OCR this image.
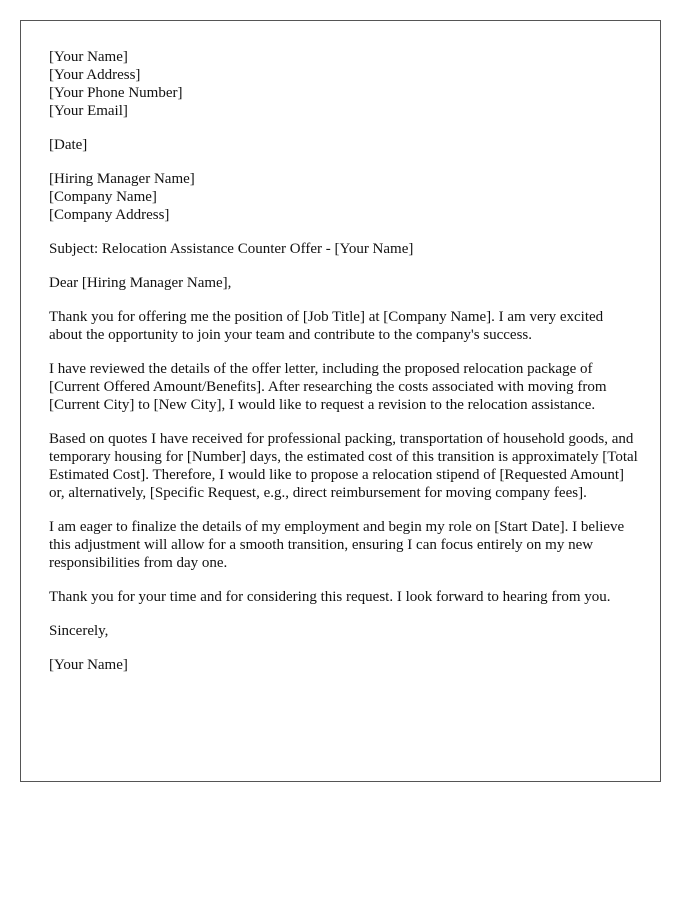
[Your Name]
[Your Address]
[Your Phone Number]
[Your Email]

[Date]

[Hiring Manager Name]
[Company Name]
[Company Address]

Subject: Relocation Assistance Counter Offer - [Your Name]

Dear [Hiring Manager Name],

Thank you for offering me the position of [Job Title] at [Company Name]. I am very excited about the opportunity to join your team and contribute to the company's success.

I have reviewed the details of the offer letter, including the proposed relocation package of [Current Offered Amount/Benefits]. After researching the costs associated with moving from [Current City] to [New City], I would like to request a revision to the relocation assistance.

Based on quotes I have received for professional packing, transportation of household goods, and temporary housing for [Number] days, the estimated cost of this transition is approximately [Total Estimated Cost]. Therefore, I would like to propose a relocation stipend of [Requested Amount] or, alternatively, [Specific Request, e.g., direct reimbursement for moving company fees].

I am eager to finalize the details of my employment and begin my role on [Start Date]. I believe this adjustment will allow for a smooth transition, ensuring I can focus entirely on my new responsibilities from day one.

Thank you for your time and for considering this request. I look forward to hearing from you.

Sincerely,

[Your Name]
